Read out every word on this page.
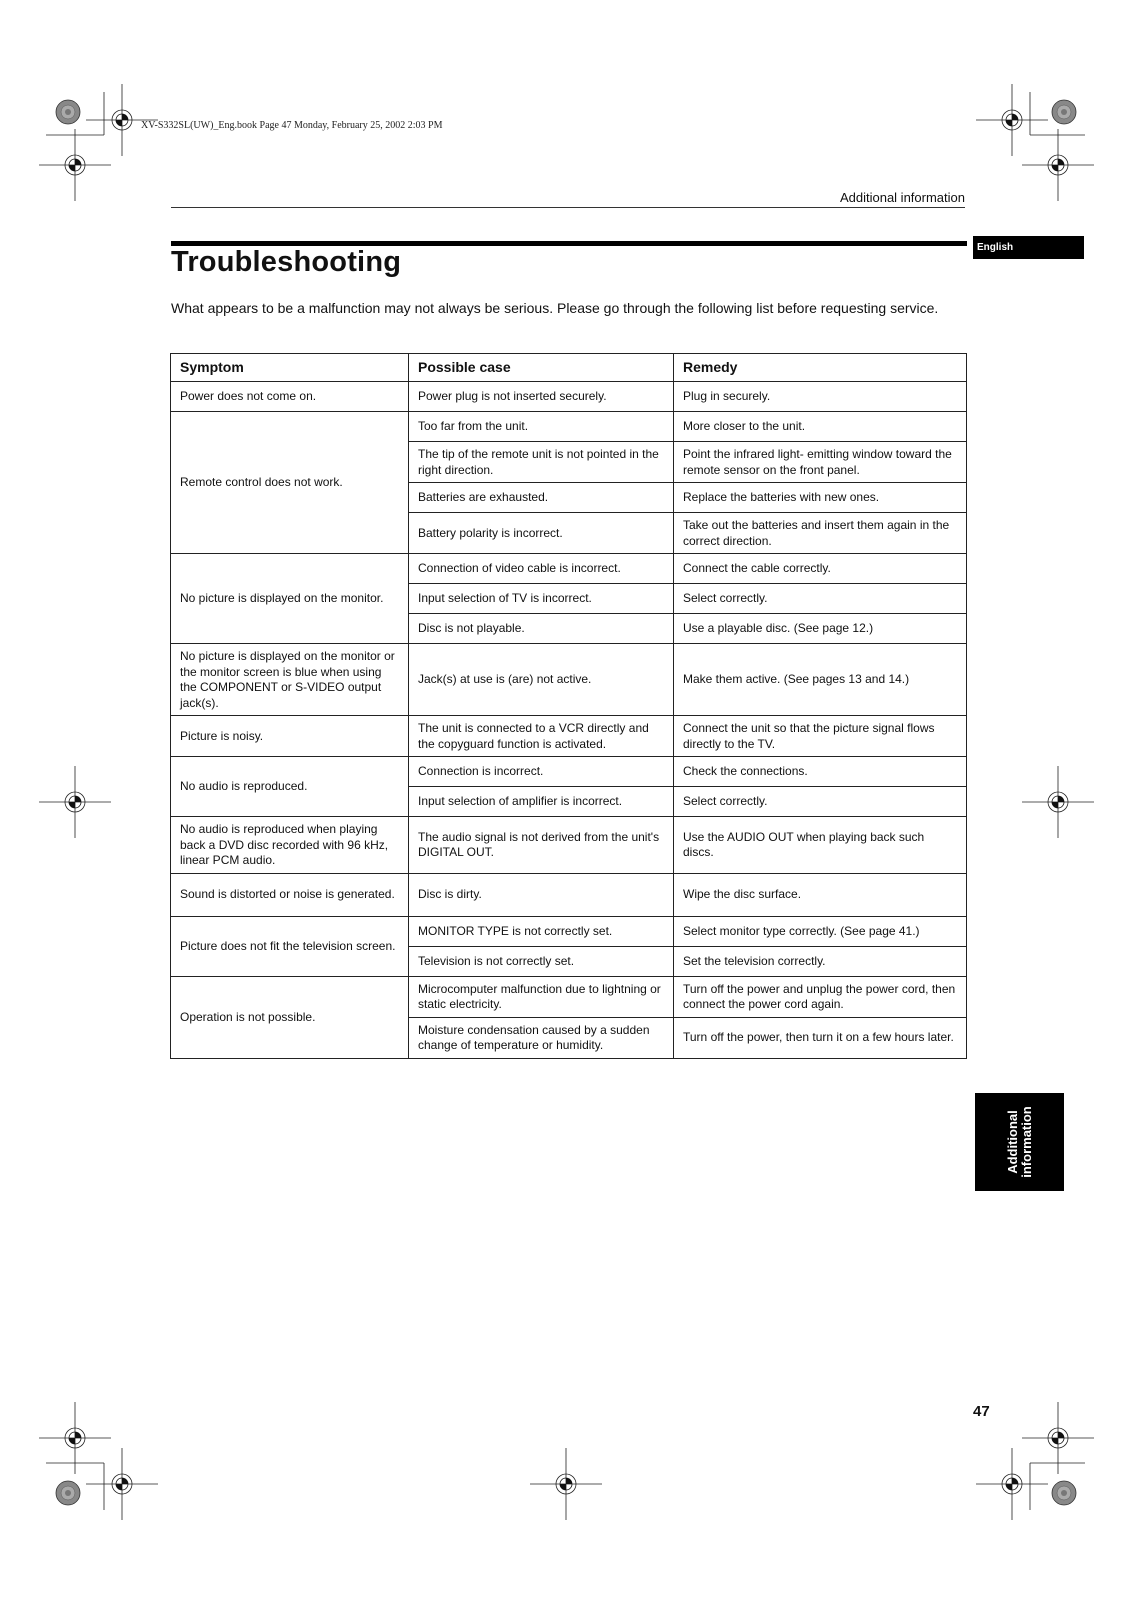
XV-S332SL(UW)_Eng.book Page 47 Monday, February 25, 2002 2:03 PM
Additional information
English
Troubleshooting

What appears to be a malfunction may not always be serious. Please go through the following list before requesting service.

Symptom	Possible case	Remedy
Power does not come on.	Power plug is not inserted securely.	Plug in securely.
Remote control does not work.	Too far from the unit.	More closer to the unit.
	The tip of the remote unit is not pointed in the right direction.	Point the infrared light- emitting window toward the remote sensor on the front panel.
	Batteries are exhausted.	Replace the batteries with new ones.
	Battery polarity is incorrect.	Take out the batteries and insert them again in the correct direction.
No picture is displayed on the monitor.	Connection of video cable is incorrect.	Connect the cable correctly.
	Input selection of TV is incorrect.	Select correctly.
	Disc is not playable.	Use a playable disc. (See page 12.)
No picture is displayed on the monitor or the monitor screen is blue when using the COMPONENT or S-VIDEO output jack(s).	Jack(s) at use is (are) not active.	Make them active. (See pages 13 and 14.)
Picture is noisy.	The unit is connected to a VCR directly and the copyguard function is activated.	Connect the unit so that the picture signal flows directly to the TV.
No audio is reproduced.	Connection is incorrect.	Check the connections.
	Input selection of amplifier is incorrect.	Select correctly.
No audio is reproduced when playing back a DVD disc recorded with 96 kHz, linear PCM audio.	The audio signal is not derived from the unit's DIGITAL OUT.	Use the AUDIO OUT when playing back such discs.
Sound is distorted or noise is generated.	Disc is dirty.	Wipe the disc surface.
Picture does not fit the television screen.	MONITOR TYPE is not correctly set.	Select monitor type correctly. (See page 41.)
	Television is not correctly set.	Set the television correctly.
Operation is not possible.	Microcomputer malfunction due to lightning or static electricity.	Turn off the power and unplug the power cord, then connect the power cord again.
	Moisture condensation caused by a sudden change of temperature or humidity.	Turn off the power, then turn it on a few hours later.
Additional information
47
